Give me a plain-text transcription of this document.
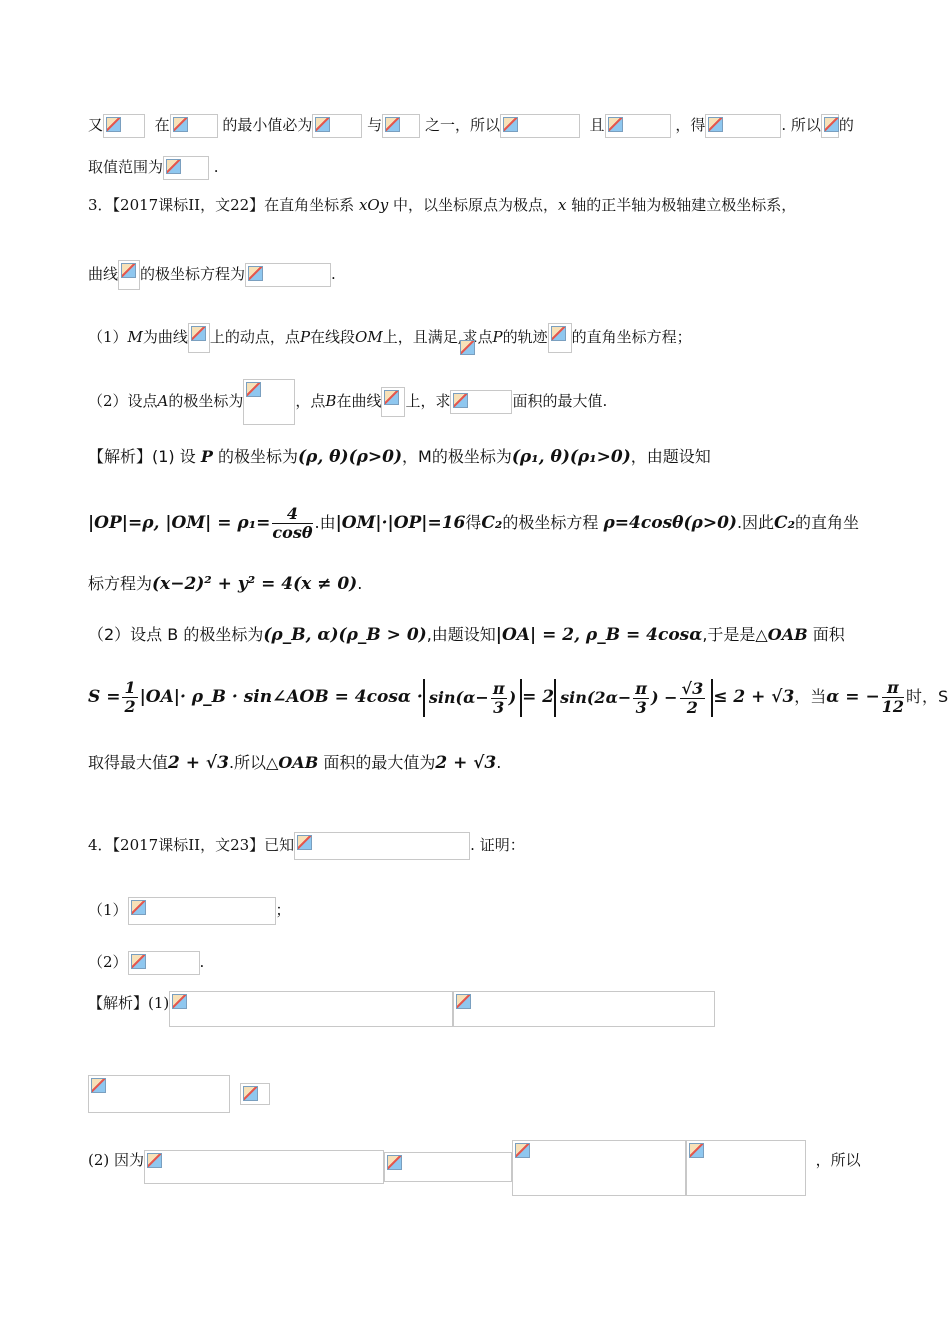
又	在	的最小值必为	与	之一，所以	且	，得	. 所以 的
取值范围为	.
3．【2017课标II，文22】在直角坐标系 xOy 中，以坐标原点为极点，x 轴的正半轴为极轴建立极坐标系，
曲线 的极坐标方程为	.
（1）M为曲线 上的动点，点P在线段OM上，且满足,求点P的轨迹 的直角坐标方程；
（2）设点A的极坐标为	，点B在曲线 上，求	面积的最大值.
【解析】(1) 设 P 的极坐标为(ρ, θ)(ρ>0)，M的极坐标为(ρ₁, θ)(ρ₁>0)，由题设知
|OP|=ρ, $|OM| = \rho_1= \frac{4}{\cos\theta}$ .由|OM|·|OP|=16得C₂的极坐标方程 ρ=4cosθ(ρ>0).因此C₂的直角坐
标方程为(x−2)² + y² = 4(x ≠ 0).
（2）设点 B 的极坐标为(ρ_B, α)(ρ_B > 0),由题设知|OA| = 2, ρ_B = 4cosα,于是是△OAB 面积
$S = \frac{1}{2} |OA|\cdot$ ρ_B · sin∠AOB = $4\cos\alpha \cdot \sin(\alpha- \frac{\pi}{3}$ ) = 2 $\sin(2\alpha- \frac{\pi}{3}$ ) − $\frac{√3}{2} \le 2 + √3$，当α = − $\frac{\pi}{12}$ 时，S
取得最大值2 + √3.所以△OAB 面积的最大值为2 + √3.
4．【2017课标II，文23】已知	. 证明：
（1）	；
（2）	.
【解析】(1)

(2) 因为	，所以
